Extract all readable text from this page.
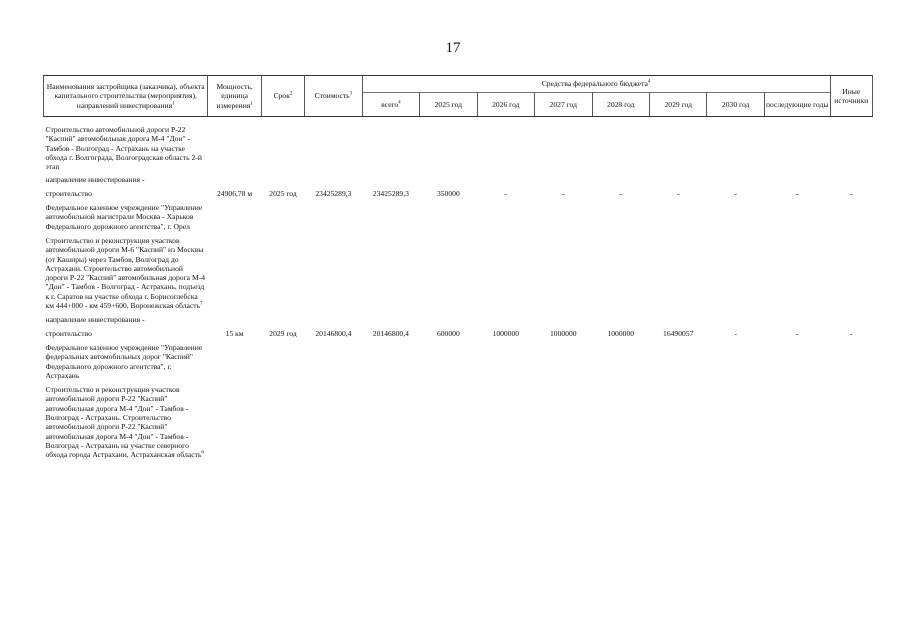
17
Наименования застройщика (заказчика), объекта капитального строительства (мероприятия), направлений инвестирования$^1$	Мощность, единица измерения$^1$	Срок$^2$	Стоимость$^3$	Средства федерального бюджета$^4$								Иные источники
				всего$^4$	2025 год	2026 год	2027 год	2028 год	2029 год	2030 год	последующие годы	

Строительство автомобильной дороги Р-22 "Каспий" автомобильная дорога М-4 "Дон" - Тамбов - Волгоград - Астрахань на участке обхода г. Волгограда, Волгоградская область 2-й этап												

направление инвестирования -												

строительство	24906,78 м	2025 год	23425289,3	23425289,3	350000	-	-	-	-	-	-	-

Федеральное казенное учреждение "Управление автомобильной магистрали Москва - Харьков Федерального дорожного агентства", г. Орел												

Строительство и реконструкция участков автомобильной дороги М-6 "Каспий" из Москвы (от Каширы) через Тамбов, Волгоград до Астрахани. Строительство автомобильной дороги Р-22 "Каспий" автомобильная дорога М-4 "Дон" - Тамбов - Волгоград - Астрахань, подъезд к г. Саратов на участке обхода г. Борисоглебска км 444+000 - км 459+600, Воронежская область$^7$	

направление инвестирования -												

строительство	15 км	2029 год	20146800,4	20146800,4	600000	1000000	1000000	1000000	16490057	-	-	-

Федеральное казенное учреждение "Управление федеральных автомобильных дорог "Каспий" Федерального дорожного агентства", г. Астрахань												

Строительство и реконструкция участков автомобильной дороги Р-22 "Каспий" автомобильная дорога М-4 "Дон" - Тамбов - Волгоград - Астрахань. Строительство автомобильной дороги Р-22 "Каспий" автомобильная дорога М-4 "Дон" - Тамбов - Волгоград - Астрахань на участке северного обхода города Астрахани, Астраханская область$^6$	
